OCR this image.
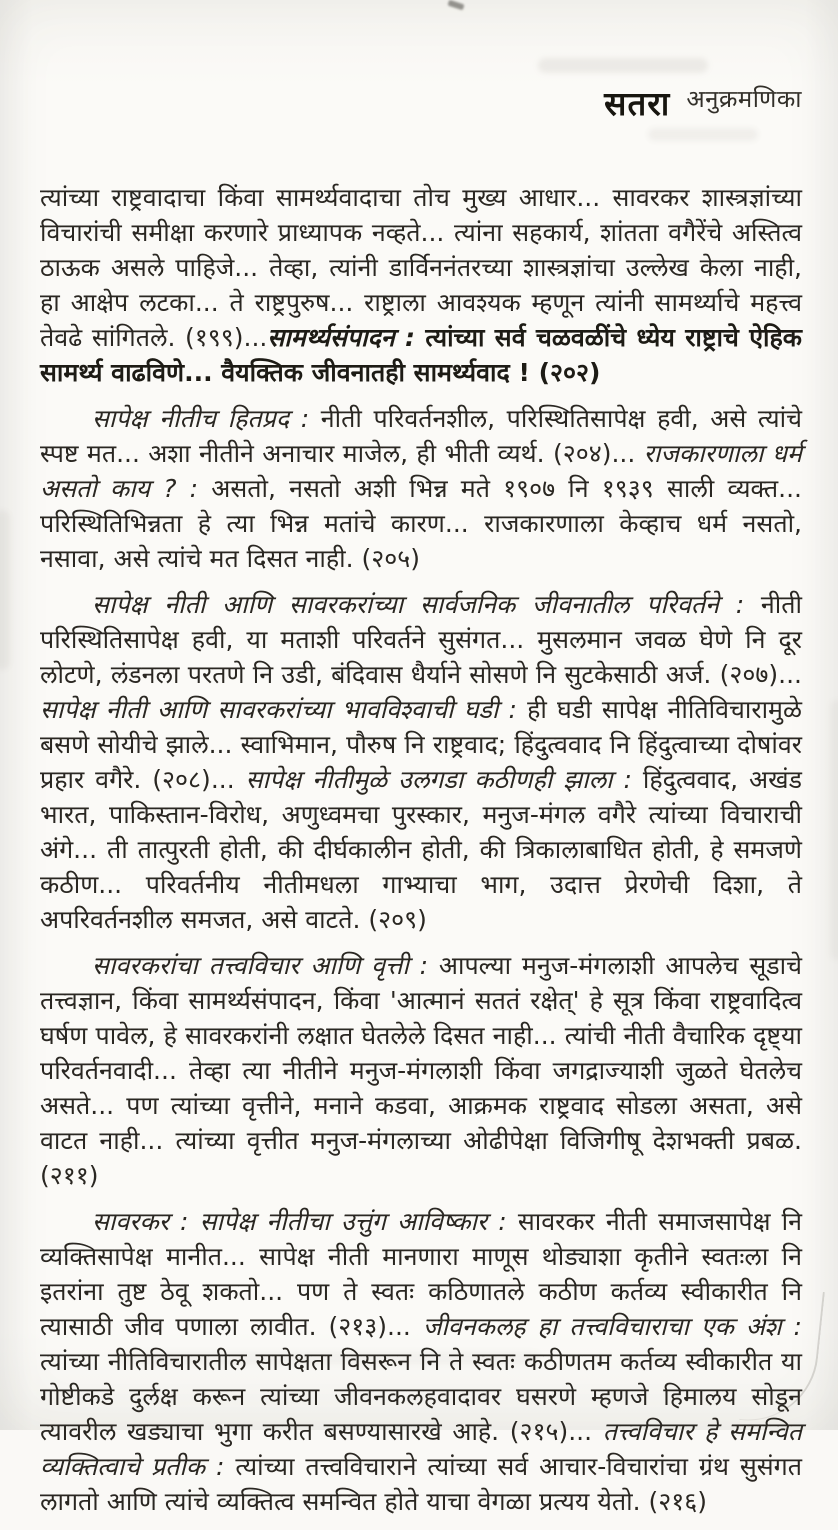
सतरा अनुक्रमणिका

त्यांच्या राष्ट्रवादाचा किंवा सामर्थ्यवादाचा तोच मुख्य आधार... सावरकर शास्त्रज्ञांच्या विचारांची समीक्षा करणारे प्राध्यापक नव्हते... त्यांना सहकार्य, शांतता वगैरेंचे अस्तित्व ठाऊक असले पाहिजे... तेव्हा, त्यांनी डार्विननंतरच्या शास्त्रज्ञांचा उल्लेख केला नाही, हा आक्षेप लटका... ते राष्ट्रपुरुष... राष्ट्राला आवश्यक म्हणून त्यांनी सामर्थ्याचे महत्त्व तेवढे सांगितले. (१९९)...सामर्थ्यसंपादन : त्यांच्या सर्व चळवळींचे ध्येय राष्ट्राचे ऐहिक सामर्थ्य वाढविणे... वैयक्तिक जीवनातही सामर्थ्यवाद ! (२०२)

सापेक्ष नीतीच हितप्रद : नीती परिवर्तनशील, परिस्थितिसापेक्ष हवी, असे त्यांचे स्पष्ट मत... अशा नीतीने अनाचार माजेल, ही भीती व्यर्थ. (२०४)... राजकारणाला धर्म असतो काय ? : असतो, नसतो अशी भिन्न मते १९०७ नि १९३९ साली व्यक्त... परिस्थितिभिन्नता हे त्या भिन्न मतांचे कारण... राजकारणाला केव्हाच धर्म नसतो, नसावा, असे त्यांचे मत दिसत नाही. (२०५)

सापेक्ष नीती आणि सावरकरांच्या सार्वजनिक जीवनातील परिवर्तने : नीती परिस्थितिसापेक्ष हवी, या मताशी परिवर्तने सुसंगत... मुसलमान जवळ घेणे नि दूर लोटणे, लंडनला परतणे नि उडी, बंदिवास धैर्याने सोसणे नि सुटकेसाठी अर्ज. (२०७)... सापेक्ष नीती आणि सावरकरांच्या भावविश्वाची घडी : ही घडी सापेक्ष नीतिविचारामुळे बसणे सोयीचे झाले... स्वाभिमान, पौरुष नि राष्ट्रवाद; हिंदुत्ववाद नि हिंदुत्वाच्या दोषांवर प्रहार वगैरे. (२०८)... सापेक्ष नीतीमुळे उलगडा कठीणही झाला : हिंदुत्ववाद, अखंड भारत, पाकिस्तान-विरोध, अणुध्वमचा पुरस्कार, मनुज-मंगल वगैरे त्यांच्या विचाराची अंगे... ती तात्पुरती होती, की दीर्घकालीन होती, की त्रिकालाबाधित होती, हे समजणे कठीण... परिवर्तनीय नीतीमधला गाभ्याचा भाग, उदात्त प्रेरणेची दिशा, ते अपरिवर्तनशील समजत, असे वाटते. (२०९)

सावरकरांचा तत्त्वविचार आणि वृत्ती : आपल्या मनुज-मंगलाशी आपलेच सूडाचे तत्त्वज्ञान, किंवा सामर्थ्यसंपादन, किंवा 'आत्मानं सततं रक्षेत्' हे सूत्र किंवा राष्ट्रवादित्व घर्षण पावेल, हे सावरकरांनी लक्षात घेतलेले दिसत नाही... त्यांची नीती वैचारिक दृष्ट्या परिवर्तनवादी... तेव्हा त्या नीतीने मनुज-मंगलाशी किंवा जगद्राज्याशी जुळते घेतलेच असते... पण त्यांच्या वृत्तीने, मनाने कडवा, आक्रमक राष्ट्रवाद सोडला असता, असे वाटत नाही... त्यांच्या वृत्तीत मनुज-मंगलाच्या ओढीपेक्षा विजिगीषू देशभक्ती प्रबळ. (२११)

सावरकर : सापेक्ष नीतीचा उत्तुंग आविष्कार : सावरकर नीती समाजसापेक्ष नि व्यक्तिसापेक्ष मानीत... सापेक्ष नीती मानणारा माणूस थोड्याशा कृतीने स्वतःला नि इतरांना तुष्ट ठेवू शकतो... पण ते स्वतः कठिणातले कठीण कर्तव्य स्वीकारीत नि त्यासाठी जीव पणाला लावीत. (२१३)... जीवनकलह हा तत्त्वविचाराचा एक अंश : त्यांच्या नीतिविचारातील सापेक्षता विसरून नि ते स्वतः कठीणतम कर्तव्य स्वीकारीत या गोष्टीकडे दुर्लक्ष करून त्यांच्या जीवनकलहवादावर घसरणे म्हणजे हिमालय सोडून त्यावरील खड्याचा भुगा करीत बसण्यासारखे आहे. (२१५)... तत्त्वविचार हे समन्वित व्यक्तित्वाचे प्रतीक : त्यांच्या तत्त्वविचाराने त्यांच्या सर्व आचार-विचारांचा ग्रंथ सुसंगत लागतो आणि त्यांचे व्यक्तित्व समन्वित होते याचा वेगळा प्रत्यय येतो. (२१६)
